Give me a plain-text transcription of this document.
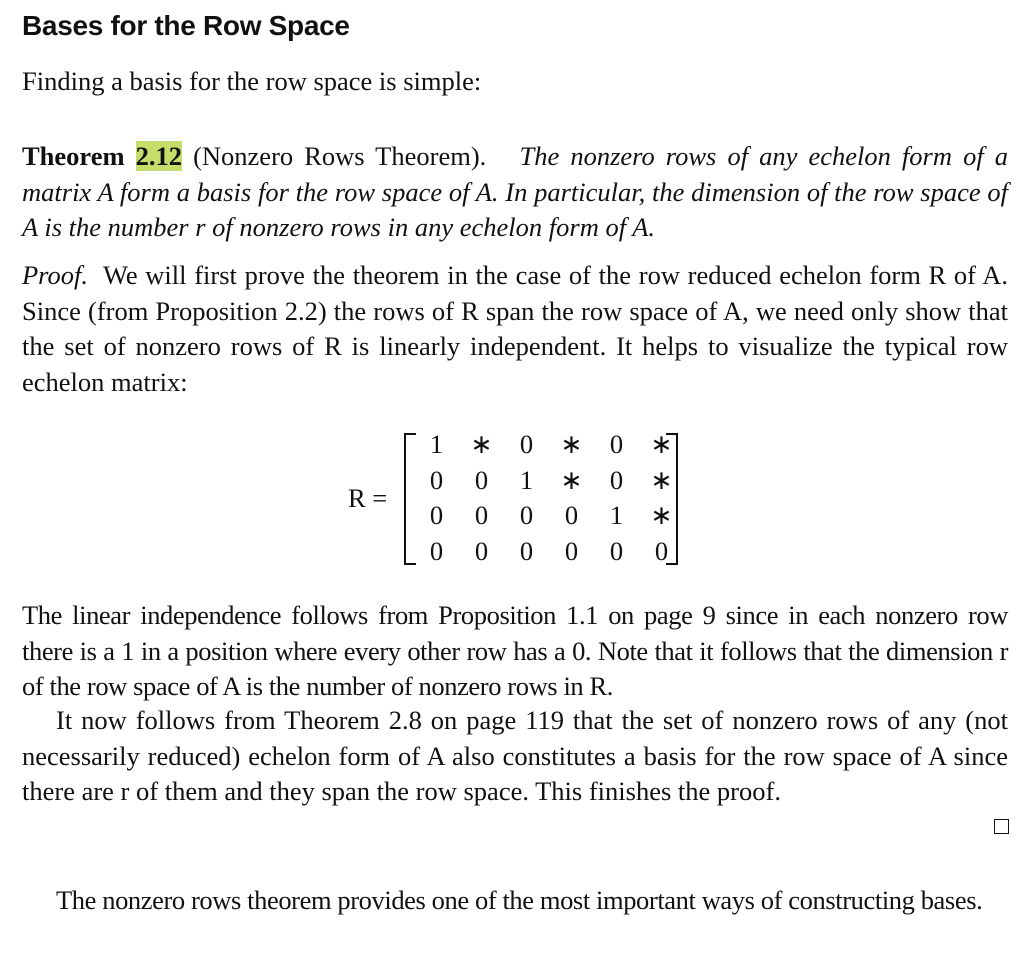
Bases for the Row Space
Finding a basis for the row space is simple:
Theorem 2.12 (Nonzero Rows Theorem). The nonzero rows of any echelon form of a matrix A form a basis for the row space of A. In particular, the dimension of the row space of A is the number r of nonzero rows in any echelon form of A.
Proof. We will first prove the theorem in the case of the row reduced echelon form R of A. Since (from Proposition 2.2) the rows of R span the row space of A, we need only show that the set of nonzero rows of R is linearly independent. It helps to visualize the typical row echelon matrix:
R =
1	∗	0	∗	0	∗
0	0	1	∗	0	∗
0	0	0	0	1	∗
0	0	0	0	0	0
The linear independence follows from Proposition 1.1 on page 9 since in each nonzero row there is a 1 in a position where every other row has a 0. Note that it follows that the dimension r of the row space of A is the number of nonzero rows in R.
It now follows from Theorem 2.8 on page 119 that the set of nonzero rows of any (not necessarily reduced) echelon form of A also constitutes a basis for the row space of A since there are r of them and they span the row space. This finishes the proof.
The nonzero rows theorem provides one of the most important ways of constructing bases.
